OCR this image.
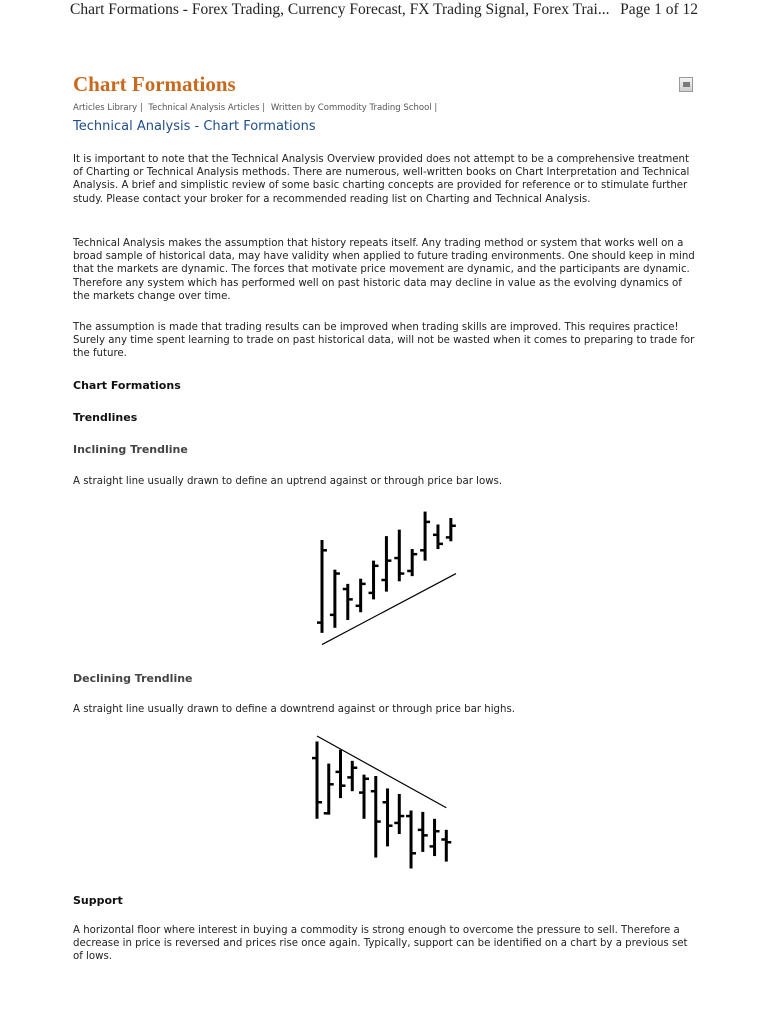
Chart Formations - Forex Trading, Currency Forecast, FX Trading Signal, Forex Trai... Page 1 of 12
Chart Formations
Articles Library | Technical Analysis Articles | Written by Commodity Trading School |
Technical Analysis - Chart Formations

It is important to note that the Technical Analysis Overview provided does not attempt to be a comprehensive treatment of Charting or Technical Analysis methods. There are numerous, well-written books on Chart Interpretation and Technical Analysis. A brief and simplistic review of some basic charting concepts are provided for reference or to stimulate further study. Please contact your broker for a recommended reading list on Charting and Technical Analysis.

Technical Analysis makes the assumption that history repeats itself. Any trading method or system that works well on a broad sample of historical data, may have validity when applied to future trading environments. One should keep in mind that the markets are dynamic. The forces that motivate price movement are dynamic, and the participants are dynamic. Therefore any system which has performed well on past historic data may decline in value as the evolving dynamics of the markets change over time.

The assumption is made that trading results can be improved when trading skills are improved. This requires practice! Surely any time spent learning to trade on past historical data, will not be wasted when it comes to preparing to trade for the future.

Chart Formations
Trendlines
Inclining Trendline

A straight line usually drawn to define an uptrend against or through price bar lows.

Declining Trendline

A straight line usually drawn to define a downtrend against or through price bar highs.

Support

A horizontal floor where interest in buying a commodity is strong enough to overcome the pressure to sell. Therefore a decrease in price is reversed and prices rise once again. Typically, support can be identified on a chart by a previous set of lows.
